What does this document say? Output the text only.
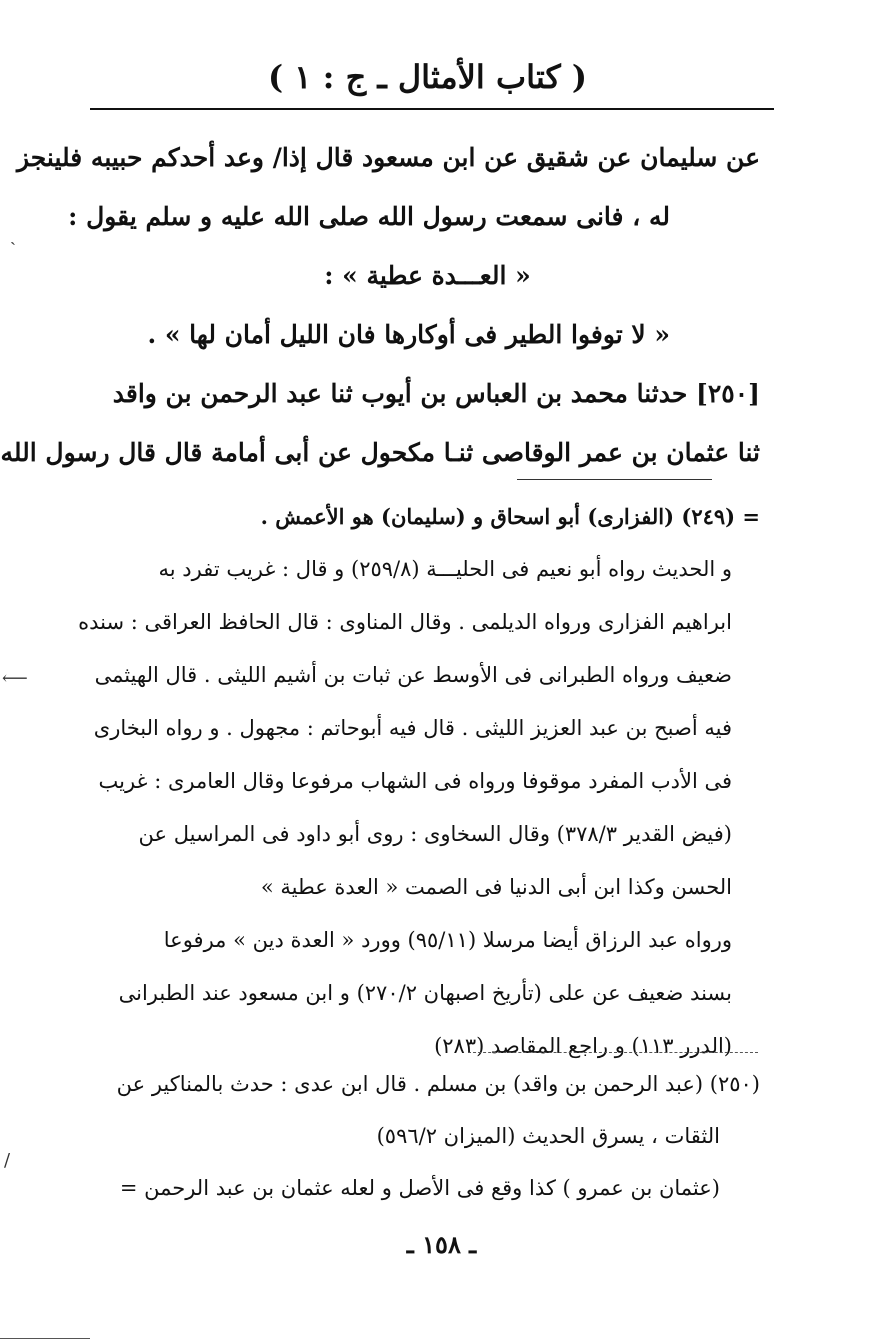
( كتاب الأمثال ـ ج : ١ )
عن سليمان عن شقيق عن ابن مسعود قال إذا/ وعد أحدكم حبيبه فلينجز
له ، فانى سمعت رسول الله صلى الله عليه و سلم يقول :
« العـــدة عطية » :
« لا توفوا الطير فى أوكارها فان الليل أمان لها » .
[٢٥٠] حدثنا محمد بن العباس بن أيوب ثنا عبد الرحمن بن واقد
ثنا عثمان بن عمر الوقاصى ثنـا مكحول عن أبى أمامة قال قال رسول الله
= (٢٤٩) (الفزارى) أبو اسحاق و (سليمان) هو الأعمش .
و الحديث رواه أبو نعيم فى الحليـــة (٢٥٩/٨) و قال : غريب تفرد به
ابراهيم الفزارى ورواه الديلمى . وقال المناوى : قال الحافظ العراقى : سنده
ضعيف ورواه الطبرانى فى الأوسط عن ثبات بن أشيم الليثى . قال الهيثمى
فيه أصبح بن عبد العزيز الليثى . قال فيه أبوحاتم : مجهول . و رواه البخارى
فى الأدب المفرد موقوفا ورواه فى الشهاب مرفوعا وقال العامرى : غريب
(فيض القدير ٣٧٨/٣) وقال السخاوى : روى أبو داود فى المراسيل عن
الحسن وكذا ابن أبى الدنيا فى الصمت « العدة عطية »
ورواه عبد الرزاق أيضا مرسلا (٩٥/١١) وورد « العدة دين » مرفوعا
بسند ضعيف عن على (تأريخ اصبهان ٢٧٠/٢) و ابن مسعود عند الطبرانى
(الدرر ١١٣) و راجع المقاصد (٢٨٣)
(٢٥٠) (عبد الرحمن بن واقد) بن مسلم . قال ابن عدى : حدث بالمناكير عن
الثقات ، يسرق الحديث (الميزان ٥٩٦/٢)
(عثمان بن عمرو ) كذا وقع فى الأصل و لعله عثمان بن عبد الرحمن =
ـ ١٥٨ ـ
ˎ
⟵
/
